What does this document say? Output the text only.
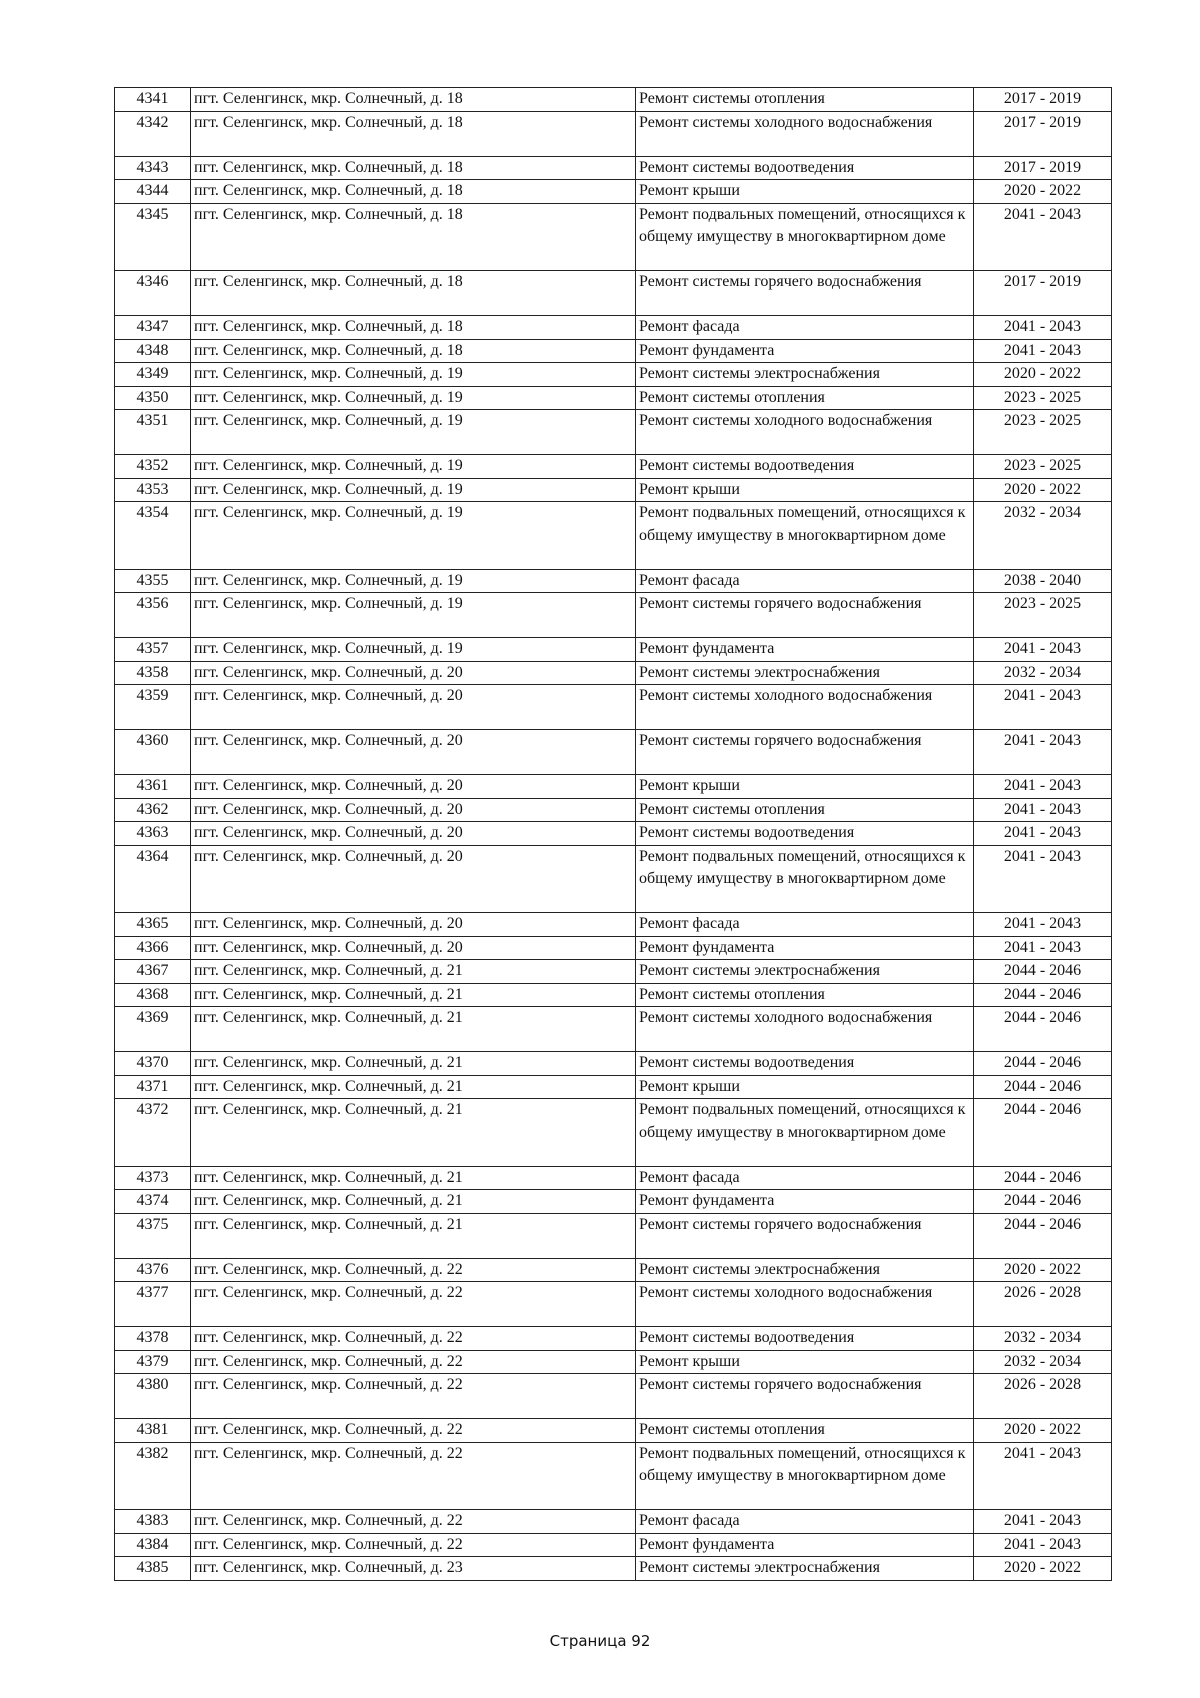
4341	пгт. Селенгинск, мкр. Солнечный, д. 18	Ремонт системы отопления	2017 - 2019
4342	пгт. Селенгинск, мкр. Солнечный, д. 18	Ремонт системы холодного водоснабжения	2017 - 2019
4343	пгт. Селенгинск, мкр. Солнечный, д. 18	Ремонт системы водоотведения	2017 - 2019
4344	пгт. Селенгинск, мкр. Солнечный, д. 18	Ремонт крыши	2020 - 2022
4345	пгт. Селенгинск, мкр. Солнечный, д. 18	Ремонт подвальных помещений, относящихся к общему имуществу в многоквартирном доме	2041 - 2043
4346	пгт. Селенгинск, мкр. Солнечный, д. 18	Ремонт системы горячего водоснабжения	2017 - 2019
4347	пгт. Селенгинск, мкр. Солнечный, д. 18	Ремонт фасада	2041 - 2043
4348	пгт. Селенгинск, мкр. Солнечный, д. 18	Ремонт фундамента	2041 - 2043
4349	пгт. Селенгинск, мкр. Солнечный, д. 19	Ремонт системы электроснабжения	2020 - 2022
4350	пгт. Селенгинск, мкр. Солнечный, д. 19	Ремонт системы отопления	2023 - 2025
4351	пгт. Селенгинск, мкр. Солнечный, д. 19	Ремонт системы холодного водоснабжения	2023 - 2025
4352	пгт. Селенгинск, мкр. Солнечный, д. 19	Ремонт системы водоотведения	2023 - 2025
4353	пгт. Селенгинск, мкр. Солнечный, д. 19	Ремонт крыши	2020 - 2022
4354	пгт. Селенгинск, мкр. Солнечный, д. 19	Ремонт подвальных помещений, относящихся к общему имуществу в многоквартирном доме	2032 - 2034
4355	пгт. Селенгинск, мкр. Солнечный, д. 19	Ремонт фасада	2038 - 2040
4356	пгт. Селенгинск, мкр. Солнечный, д. 19	Ремонт системы горячего водоснабжения	2023 - 2025
4357	пгт. Селенгинск, мкр. Солнечный, д. 19	Ремонт фундамента	2041 - 2043
4358	пгт. Селенгинск, мкр. Солнечный, д. 20	Ремонт системы электроснабжения	2032 - 2034
4359	пгт. Селенгинск, мкр. Солнечный, д. 20	Ремонт системы холодного водоснабжения	2041 - 2043
4360	пгт. Селенгинск, мкр. Солнечный, д. 20	Ремонт системы горячего водоснабжения	2041 - 2043
4361	пгт. Селенгинск, мкр. Солнечный, д. 20	Ремонт крыши	2041 - 2043
4362	пгт. Селенгинск, мкр. Солнечный, д. 20	Ремонт системы отопления	2041 - 2043
4363	пгт. Селенгинск, мкр. Солнечный, д. 20	Ремонт системы водоотведения	2041 - 2043
4364	пгт. Селенгинск, мкр. Солнечный, д. 20	Ремонт подвальных помещений, относящихся к общему имуществу в многоквартирном доме	2041 - 2043
4365	пгт. Селенгинск, мкр. Солнечный, д. 20	Ремонт фасада	2041 - 2043
4366	пгт. Селенгинск, мкр. Солнечный, д. 20	Ремонт фундамента	2041 - 2043
4367	пгт. Селенгинск, мкр. Солнечный, д. 21	Ремонт системы электроснабжения	2044 - 2046
4368	пгт. Селенгинск, мкр. Солнечный, д. 21	Ремонт системы отопления	2044 - 2046
4369	пгт. Селенгинск, мкр. Солнечный, д. 21	Ремонт системы холодного водоснабжения	2044 - 2046
4370	пгт. Селенгинск, мкр. Солнечный, д. 21	Ремонт системы водоотведения	2044 - 2046
4371	пгт. Селенгинск, мкр. Солнечный, д. 21	Ремонт крыши	2044 - 2046
4372	пгт. Селенгинск, мкр. Солнечный, д. 21	Ремонт подвальных помещений, относящихся к общему имуществу в многоквартирном доме	2044 - 2046
4373	пгт. Селенгинск, мкр. Солнечный, д. 21	Ремонт фасада	2044 - 2046
4374	пгт. Селенгинск, мкр. Солнечный, д. 21	Ремонт фундамента	2044 - 2046
4375	пгт. Селенгинск, мкр. Солнечный, д. 21	Ремонт системы горячего водоснабжения	2044 - 2046
4376	пгт. Селенгинск, мкр. Солнечный, д. 22	Ремонт системы электроснабжения	2020 - 2022
4377	пгт. Селенгинск, мкр. Солнечный, д. 22	Ремонт системы холодного водоснабжения	2026 - 2028
4378	пгт. Селенгинск, мкр. Солнечный, д. 22	Ремонт системы водоотведения	2032 - 2034
4379	пгт. Селенгинск, мкр. Солнечный, д. 22	Ремонт крыши	2032 - 2034
4380	пгт. Селенгинск, мкр. Солнечный, д. 22	Ремонт системы горячего водоснабжения	2026 - 2028
4381	пгт. Селенгинск, мкр. Солнечный, д. 22	Ремонт системы отопления	2020 - 2022
4382	пгт. Селенгинск, мкр. Солнечный, д. 22	Ремонт подвальных помещений, относящихся к общему имуществу в многоквартирном доме	2041 - 2043
4383	пгт. Селенгинск, мкр. Солнечный, д. 22	Ремонт фасада	2041 - 2043
4384	пгт. Селенгинск, мкр. Солнечный, д. 22	Ремонт фундамента	2041 - 2043
4385	пгт. Селенгинск, мкр. Солнечный, д. 23	Ремонт системы электроснабжения	2020 - 2022
Страница 92
